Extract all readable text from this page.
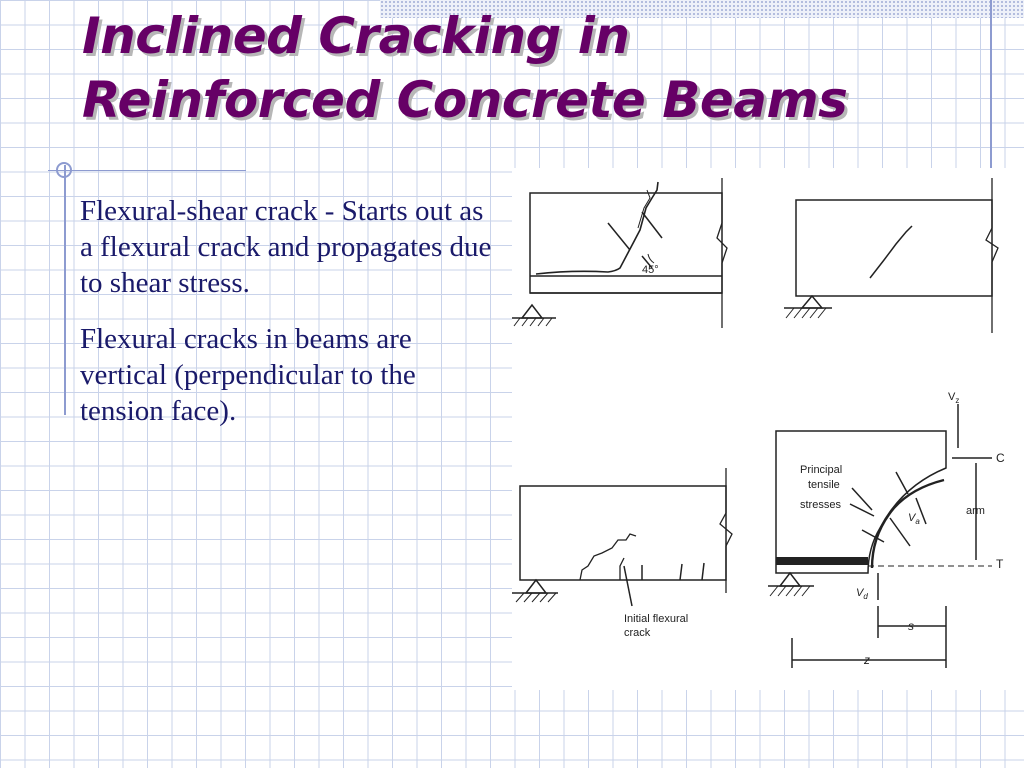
Inclined Cracking in
Reinforced Concrete Beams

Flexural-shear crack - Starts out as a flexural crack and propagates due to shear stress.

Flexural cracks in beams are vertical (perpendicular to the tension face).

45°
Initial flexural
crack
Principal
tensile
stresses
$V_z$
C
arm
T
$V_a$
$V_d$
s
z
